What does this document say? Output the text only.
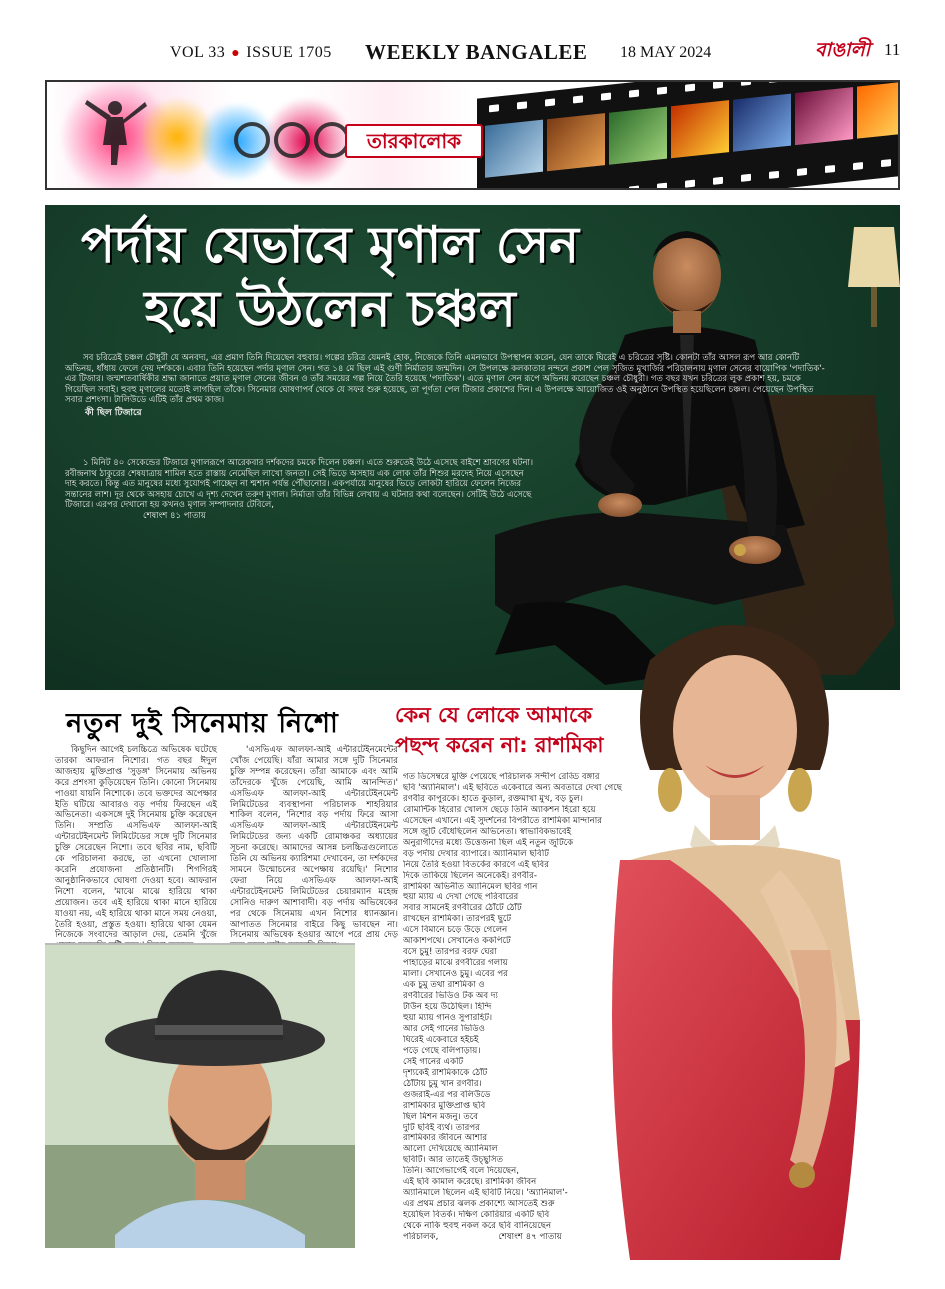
VOL 33 ● ISSUE 1705 WEEKLY BANGALEE 18 MAY 2024	বাঙালী 11
তারকালোক
পর্দায় যেভাবে মৃণাল সেন
হয়ে উঠলেন চঞ্চল

সব চরিত্রেই চঞ্চল চৌধুরী যে অনবদ্য, এর প্রমাণ তিনি দিয়েছেন বহুবার। গল্পের চরিত্র যেমনই হোক, নিজেকে তিনি এমনভাবে উপস্থাপন করেন, যেন তাকে ঘিরেই এ চরিত্রের সৃষ্টি। কোনটা তাঁর আসল রূপ আর কোনটি অভিনয়, ধাঁধায় ফেলে দেয় দর্শককে। এবার তিনি হয়েছেন পর্দার মৃণাল সেন। গত ১৪ মে ছিল এই গুণী নির্মাতার জন্মদিন। সে উপলক্ষে কলকাতার নন্দনে প্রকাশ পেল সৃজিত মুখার্জির পরিচালনায় মৃণাল সেনের বায়োপিক 'পদাতিক'-এর টিজার। জন্মশতবার্ষিকীর শ্রদ্ধা জানাতে প্রয়াত মৃণাল সেনের জীবন ও তাঁর সময়ের গল্প নিয়ে তৈরি হয়েছে 'পদাতিক'। এতে মৃণাল সেন রূপে অভিনয় করেছেন চঞ্চল চৌধুরী। গত বছর যখন চরিত্রের লুক প্রকাশ হয়, চমকে গিয়েছিল সবাই। হুবহু মৃণালের মতোই লাগছিল তাঁকে। সিনেমার ঘোষণাপর্ব থেকে যে সফর শুরু হয়েছে, তা পূর্ণতা পেল টিজার প্রকাশের দিন। এ উপলক্ষে আয়োজিত ওই অনুষ্ঠানে উপস্থিত হয়েছিলেন চঞ্চল। পেয়েছেন উপস্থিত সবার প্রশংসা। টালিউডে এটিই তাঁর প্রথম কাজ।

কী ছিল টিজারে

১ মিনিট ৪০ সেকেন্ডের টিজারে মৃণালরূপে আরেকবার দর্শকদের চমকে দিলেন চঞ্চল। এতে শুরুতেই উঠে এসেছে বাইশে শ্রাবণের ঘটনা। রবীন্দ্রনাথ ঠাকুরের শেষযাত্রায় শামিল হতে রাস্তায় নেমেছিল লাখো জনতা। সেই ভিড়ে অসহায় এক লোক তাঁর শিশুর মরদেহ নিয়ে এসেছেন দাহ করতে। কিন্তু এত মানুষের মধ্যে সুযোগই পাচ্ছেন না শ্মশান পর্যন্ত পৌঁছানোর। একপর্যায়ে মানুষের ভিড়ে লোকটা হারিয়ে ফেলেন নিজের সন্তানের লাশ। দূর থেকে অসহায় চোখে এ দৃশ্য দেখেন তরুণ মৃণাল। নির্মাতা তাঁর বিভিন্ন লেখায় এ ঘটনার কথা বলেছেন। সেটিই উঠে এসেছে টিজারে। এরপর দেখানো হয় কখনও মৃণাল সম্পাদনার টেবিলে,
শেষাংশ ৪১ পাতায়

নতুন দুই সিনেমায় নিশো

কিছুদিন আগেই চলচ্চিত্রে অভিষেক ঘটেছে তারকা আফরান নিশোর। গত বছর ঈদুল আজহায় মুক্তিপ্রাপ্ত 'সুড়ঙ্গ' সিনেমায় অভিনয় করে প্রশংসা কুড়িয়েছেন তিনি। কোনো সিনেমায় পাওয়া যায়নি নিশোকে। তবে ভক্তদের অপেক্ষার ইতি ঘটিয়ে আবারও বড় পর্দায় ফিরছেন এই অভিনেতা। একসঙ্গে দুই সিনেমায় চুক্তি করেছেন তিনি। সম্প্রতি এসভিএফ আলফা-আই এন্টারটেইনমেন্ট লিমিটেডের সঙ্গে দুটি সিনেমার চুক্তি সেরেছেন নিশো। তবে ছবির নাম, ছবিটি কে পরিচালনা করছে, তা এখনো খোলাসা করেনি প্রযোজনা প্রতিষ্ঠানটি। শিগগিরই আনুষ্ঠানিকভাবে ঘোষণা দেওয়া হবে। আফরান নিশো বলেন, 'মাঝে মাঝে হারিয়ে থাকা প্রয়োজন। তবে এই হারিয়ে থাকা মানে হারিয়ে যাওয়া নয়, এই হারিয়ে থাকা মানে সময় নেওয়া, তৈরি হওয়া, প্রস্তুত হওয়া। হারিয়ে থাকা যেমন নিজেকে সংবাদের আড়াল দেয়, তেমনি খুঁজে

'এসভিএফ আলফা-আই এন্টারটেইনমেন্টের খোঁজ পেয়েছি। যাঁরা আমার সঙ্গে দুটি সিনেমার চুক্তি সম্পন্ন করেছেন। তাঁরা আমাকে এবং আমি তাঁদেরকে খুঁজে পেয়েছি, আমি আনন্দিত।' এসভিএফ আলফা-আই এন্টারটেইনমেন্ট লিমিটেডের ব্যবস্থাপনা পরিচালক শাহরিয়ার শাকিল বলেন, 'নিশোর বড় পর্দায় ফিরে আসা এসভিএফ আলফা-আই এন্টারটেইনমেন্ট লিমিটেডের জন্য একটি রোমাঞ্চকর অধ্যায়ের সূচনা করেছে। আমাদের আসন্ন চলচ্চিত্রগুলোতে তিনি যে অভিনয় ক্যারিশমা দেখাবেন, তা দর্শকদের সামনে উন্মোচনের অপেক্ষায় রয়েছি।' নিশোর ফেরা নিয়ে এসভিএফ আলফা-আই এন্টারটেইনমেন্ট লিমিটেডের চেয়ারম্যান মহেন্দ্র সোনিও দারুণ আশাবাদী। বড় পর্দায় অভিষেকের পর থেকে সিনেমায় এখন নিশোর ধ্যানজ্ঞান। আপাতত সিনেমার বাইরে কিছু ভাবছেন না। সিনেমায় অভিষেক হওয়ার আগে পরে প্রায় দেড়

কেন যে লোকে আমাকে
পছন্দ করেন না: রাশমিকা
গত ডিসেম্বরে মুক্তি পেয়েছে পরিচালক সন্দীপ রেড্ডি বঙ্গার
ছবি 'অ্যানিমাল'। এই ছবিতে একেবারে অন্য অবতারে দেখা গেছে
রণবীর কাপুরকে। হাতে কুড়াল, রক্তমাখা মুখ, বড় চুল।
রোমান্টিক হিরোর খোলস ছেড়ে তিনি অ্যাকশন হিরো হয়ে
এসেছেন এখানে। এই সুদর্শনের বিপরীতে রাশমিকা মান্দানার
সঙ্গে জুটি বেঁধেছিলেন অভিনেতা। স্বাভাবিকভাবেই
অনুরাগীদের মধ্যে উত্তেজনা ছিল এই নতুন জুটিকে
বড় পর্দায় দেখার ব্যাপারে। অ্যানিমাল ছবিটি
নিয়ে তৈরি হওয়া বিতর্কের কারণে এই ছবির
দিকে তাকিয়ে ছিলেন অনেকেই। রণবীর-
রাশমিকা অভিনীত অ্যানিমেল ছবির গান
হুয়া ম্যায় এ দেখা গেছে পরিবারের
সবার সামনেই রণবীরের ঠোঁটে ঠোঁট
রাখছেন রাশমিকা। তারপরই ছুটে
এসে বিমানে চড়ে উড়ে গেলেন
আকাশপথে। সেখানেও ককপিটে
বসে চুমু! তারপর বরফ ঘেরা
পাহাড়ের মাঝে রণবীরের গলায়
মালা। সেখানেও চুমু। এবের পর
এক চুমু তথা রাশমিকা ও
রণবীরের ভিডিও টক অব দ্য
টাউন হয়ে উঠেছিল। হিন্দি
হুয়া ম্যায় গানও সুপারহিট।
আর সেই গানের ভিডিও
ঘিরেই একেবারে হইচই
পড়ে গেছে বলিপাড়ায়।
সেই গানের একটি
দৃশ্যকেই রাশমিকাকে ঠোঁট
ঠোঁটায় চুমু খান রণবীর।
গুজরাই-এর পর বলিউডে
রাশমিকার মুক্তিপ্রাপ্ত ছবি
ছিল মিশন মজনু। তবে
দুটি ছবিই ব্যর্থ। তারপর
রাশমিকার জীবনে আশার
আলো দেখিয়েছে অ্যানিমাল
ছবিটি। আর তাতেই উচ্ছ্বসিত
তিনি। আগেভাগেই বলে দিয়েছেন,
এই ছবি কামাল করেছে। রাশমিকা জীবন
অ্যানিমালে ছিলেন এই ছবিটি নিয়ে। 'অ্যানিমাল'-
এর প্রথম প্রচার ঝলক প্রকাশ্যে আসতেই শুরু
হয়েছিল বিতর্ক। দক্ষিণ কোরিয়ার একটি ছবি
থেকে নাকি হুবহু নকল করে ছবি বানিয়েছেন
পরিচালক,	শেষাংশ ৪৭ পাতায়
